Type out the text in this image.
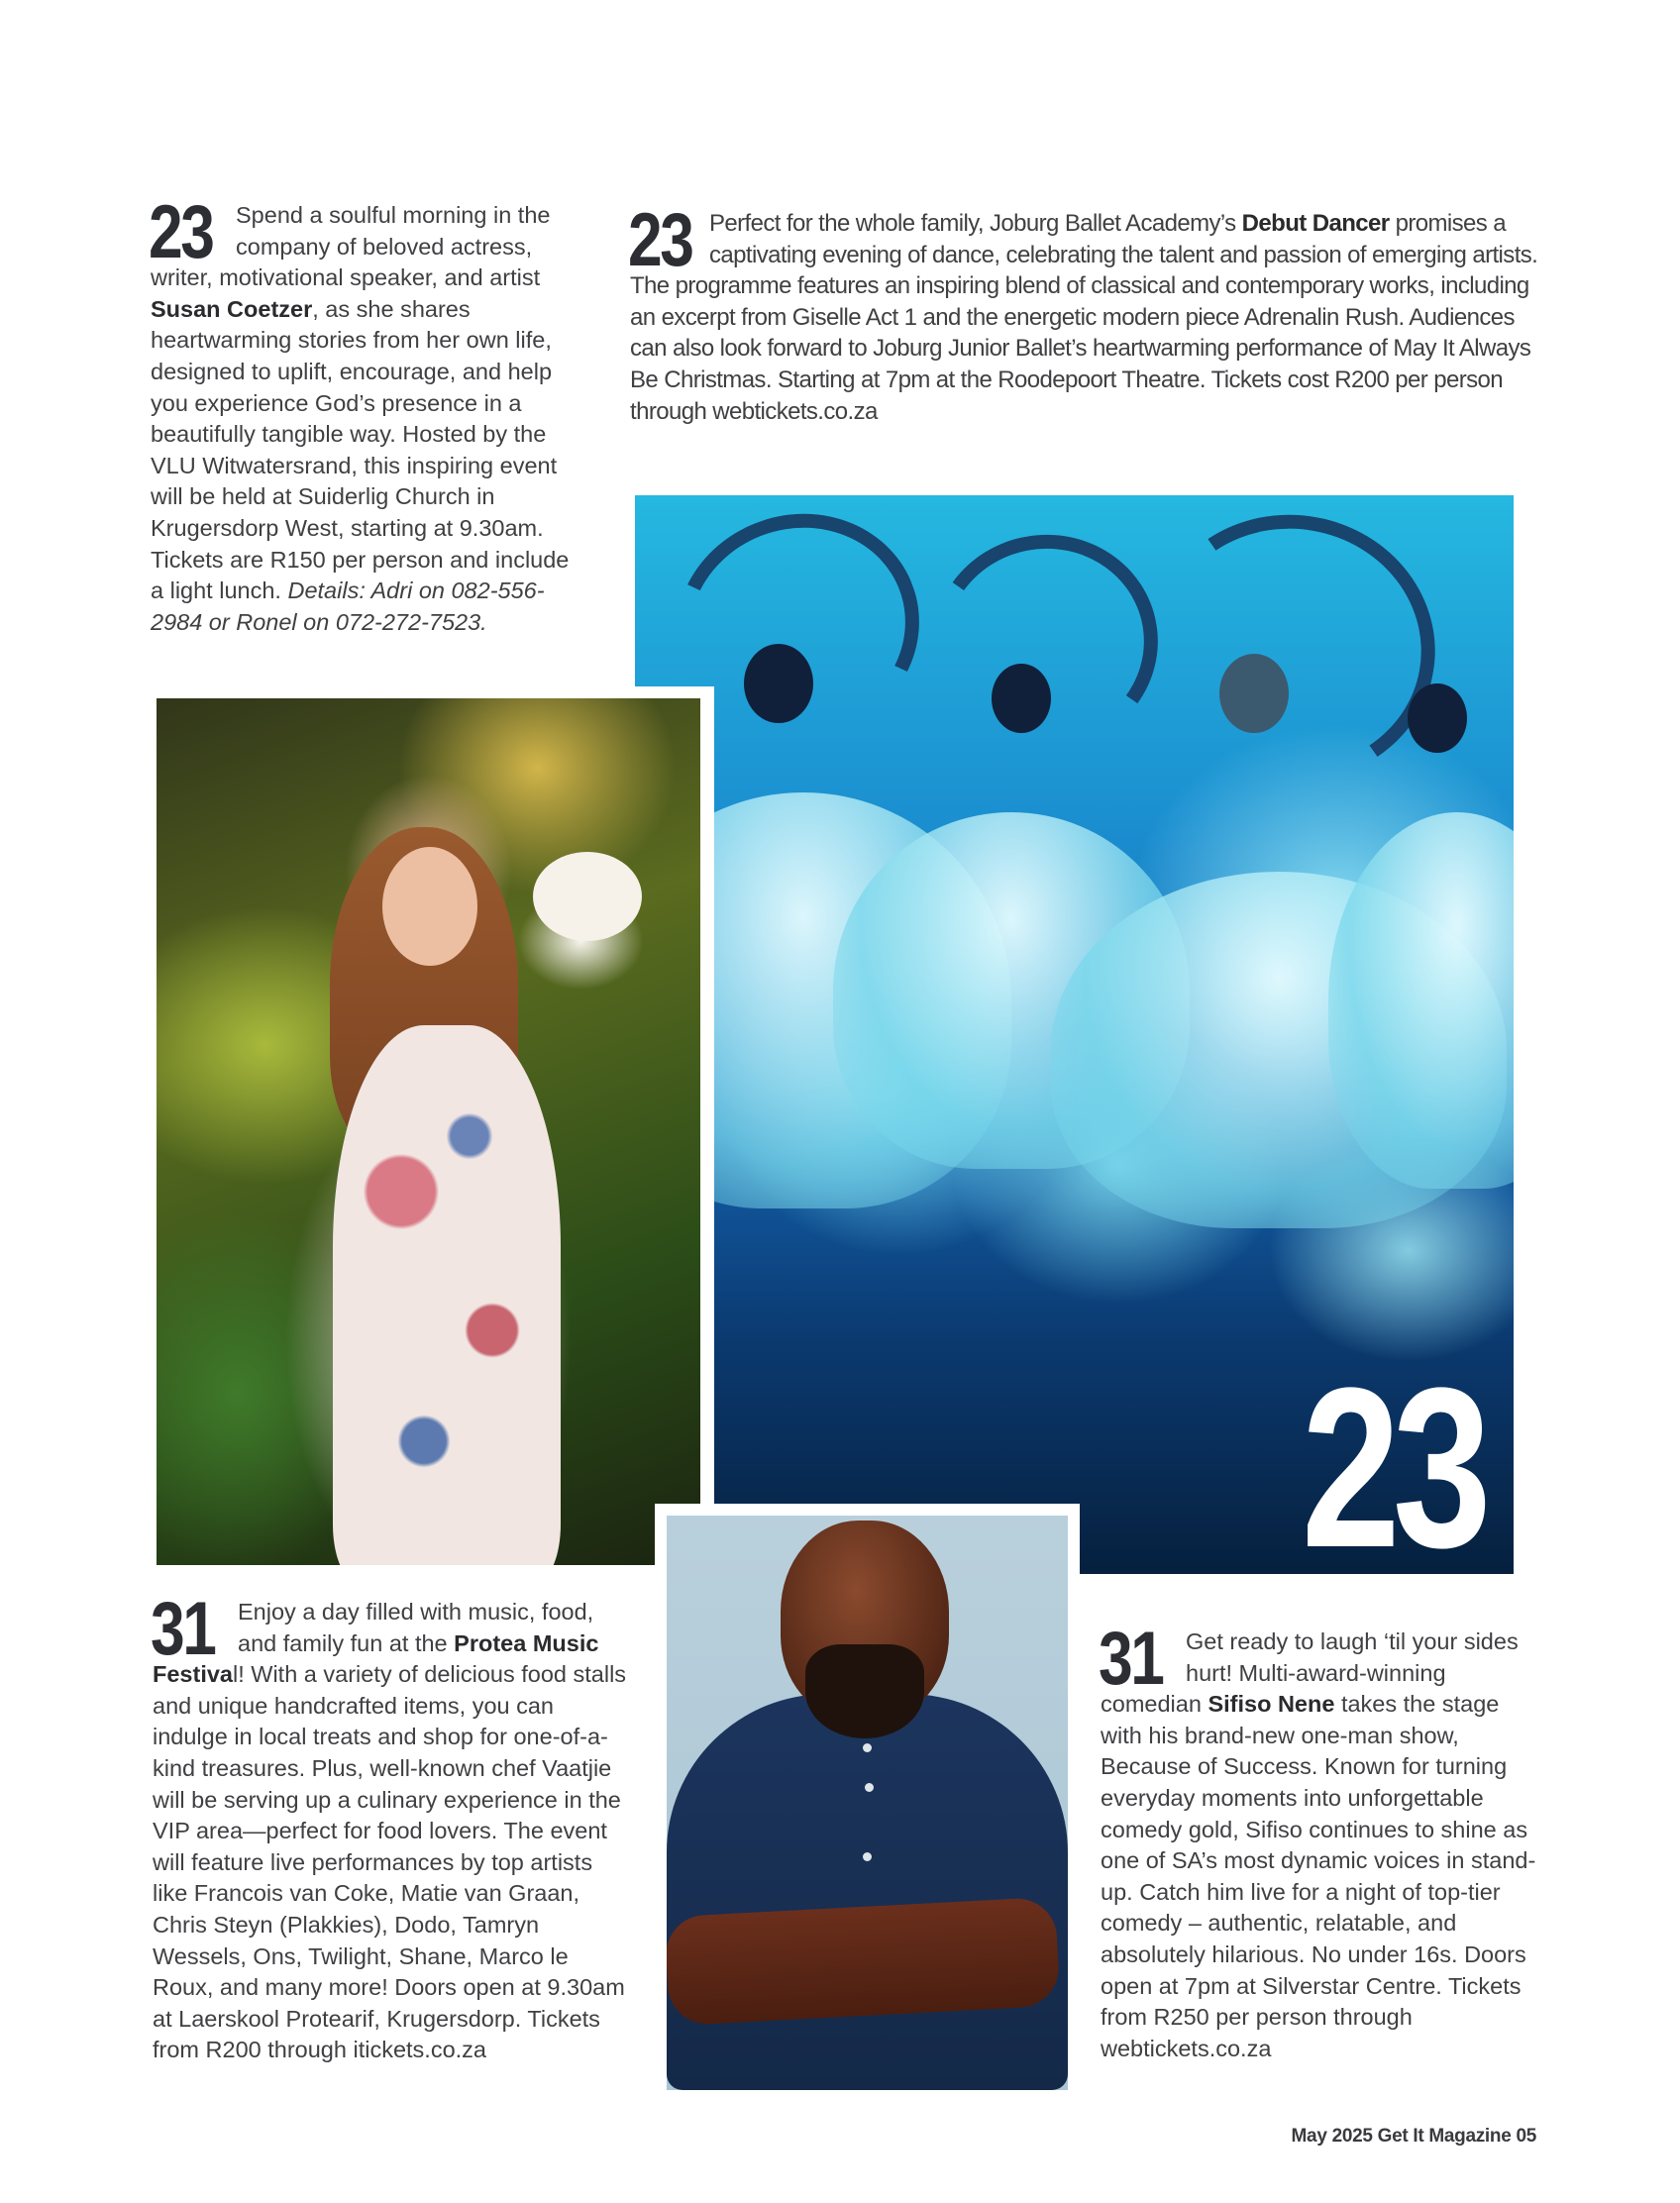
23 Spend a soulful morning in the company of beloved actress, writer, motivational speaker, and artist Susan Coetzer, as she shares heartwarming stories from her own life, designed to uplift, encourage, and help you experience God’s presence in a beautifully tangible way. Hosted by the VLU Witwatersrand, this inspiring event will be held at Suiderlig Church in Krugersdorp West, starting at 9.30am. Tickets are R150 per person and include a light lunch. Details: Adri on 082-556-2984 or Ronel on 072-272-7523.
23 Perfect for the whole family, Joburg Ballet Academy’s Debut Dancer promises a captivating evening of dance, celebrating the talent and passion of emerging artists. The programme features an inspiring blend of classical and contemporary works, including an excerpt from Giselle Act 1 and the energetic modern piece Adrenalin Rush. Audiences can also look forward to Joburg Junior Ballet’s heartwarming performance of May It Always Be Christmas. Starting at 7pm at the Roodepoort Theatre. Tickets cost R200 per person through webtickets.co.za
23
31 Enjoy a day filled with music, food, and family fun at the Protea Music Festival! With a variety of delicious food stalls and unique handcrafted items, you can indulge in local treats and shop for one-of-a-kind treasures. Plus, well-known chef Vaatjie will be serving up a culinary experience in the VIP area—perfect for food lovers. The event will feature live performances by top artists like Francois van Coke, Matie van Graan, Chris Steyn (Plakkies), Dodo, Tamryn Wessels, Ons, Twilight, Shane, Marco le Roux, and many more! Doors open at 9.30am at Laerskool Protearif, Krugersdorp. Tickets from R200 through itickets.co.za
31 Get ready to laugh ‘til your sides hurt! Multi-award-winning comedian Sifiso Nene takes the stage with his brand-new one-man show, Because of Success. Known for turning everyday moments into unforgettable comedy gold, Sifiso continues to shine as one of SA’s most dynamic voices in stand-up. Catch him live for a night of top-tier comedy – authentic, relatable, and absolutely hilarious. No under 16s. Doors open at 7pm at Silverstar Centre. Tickets from R250 per person through webtickets.co.za
May 2025 Get It Magazine 05
